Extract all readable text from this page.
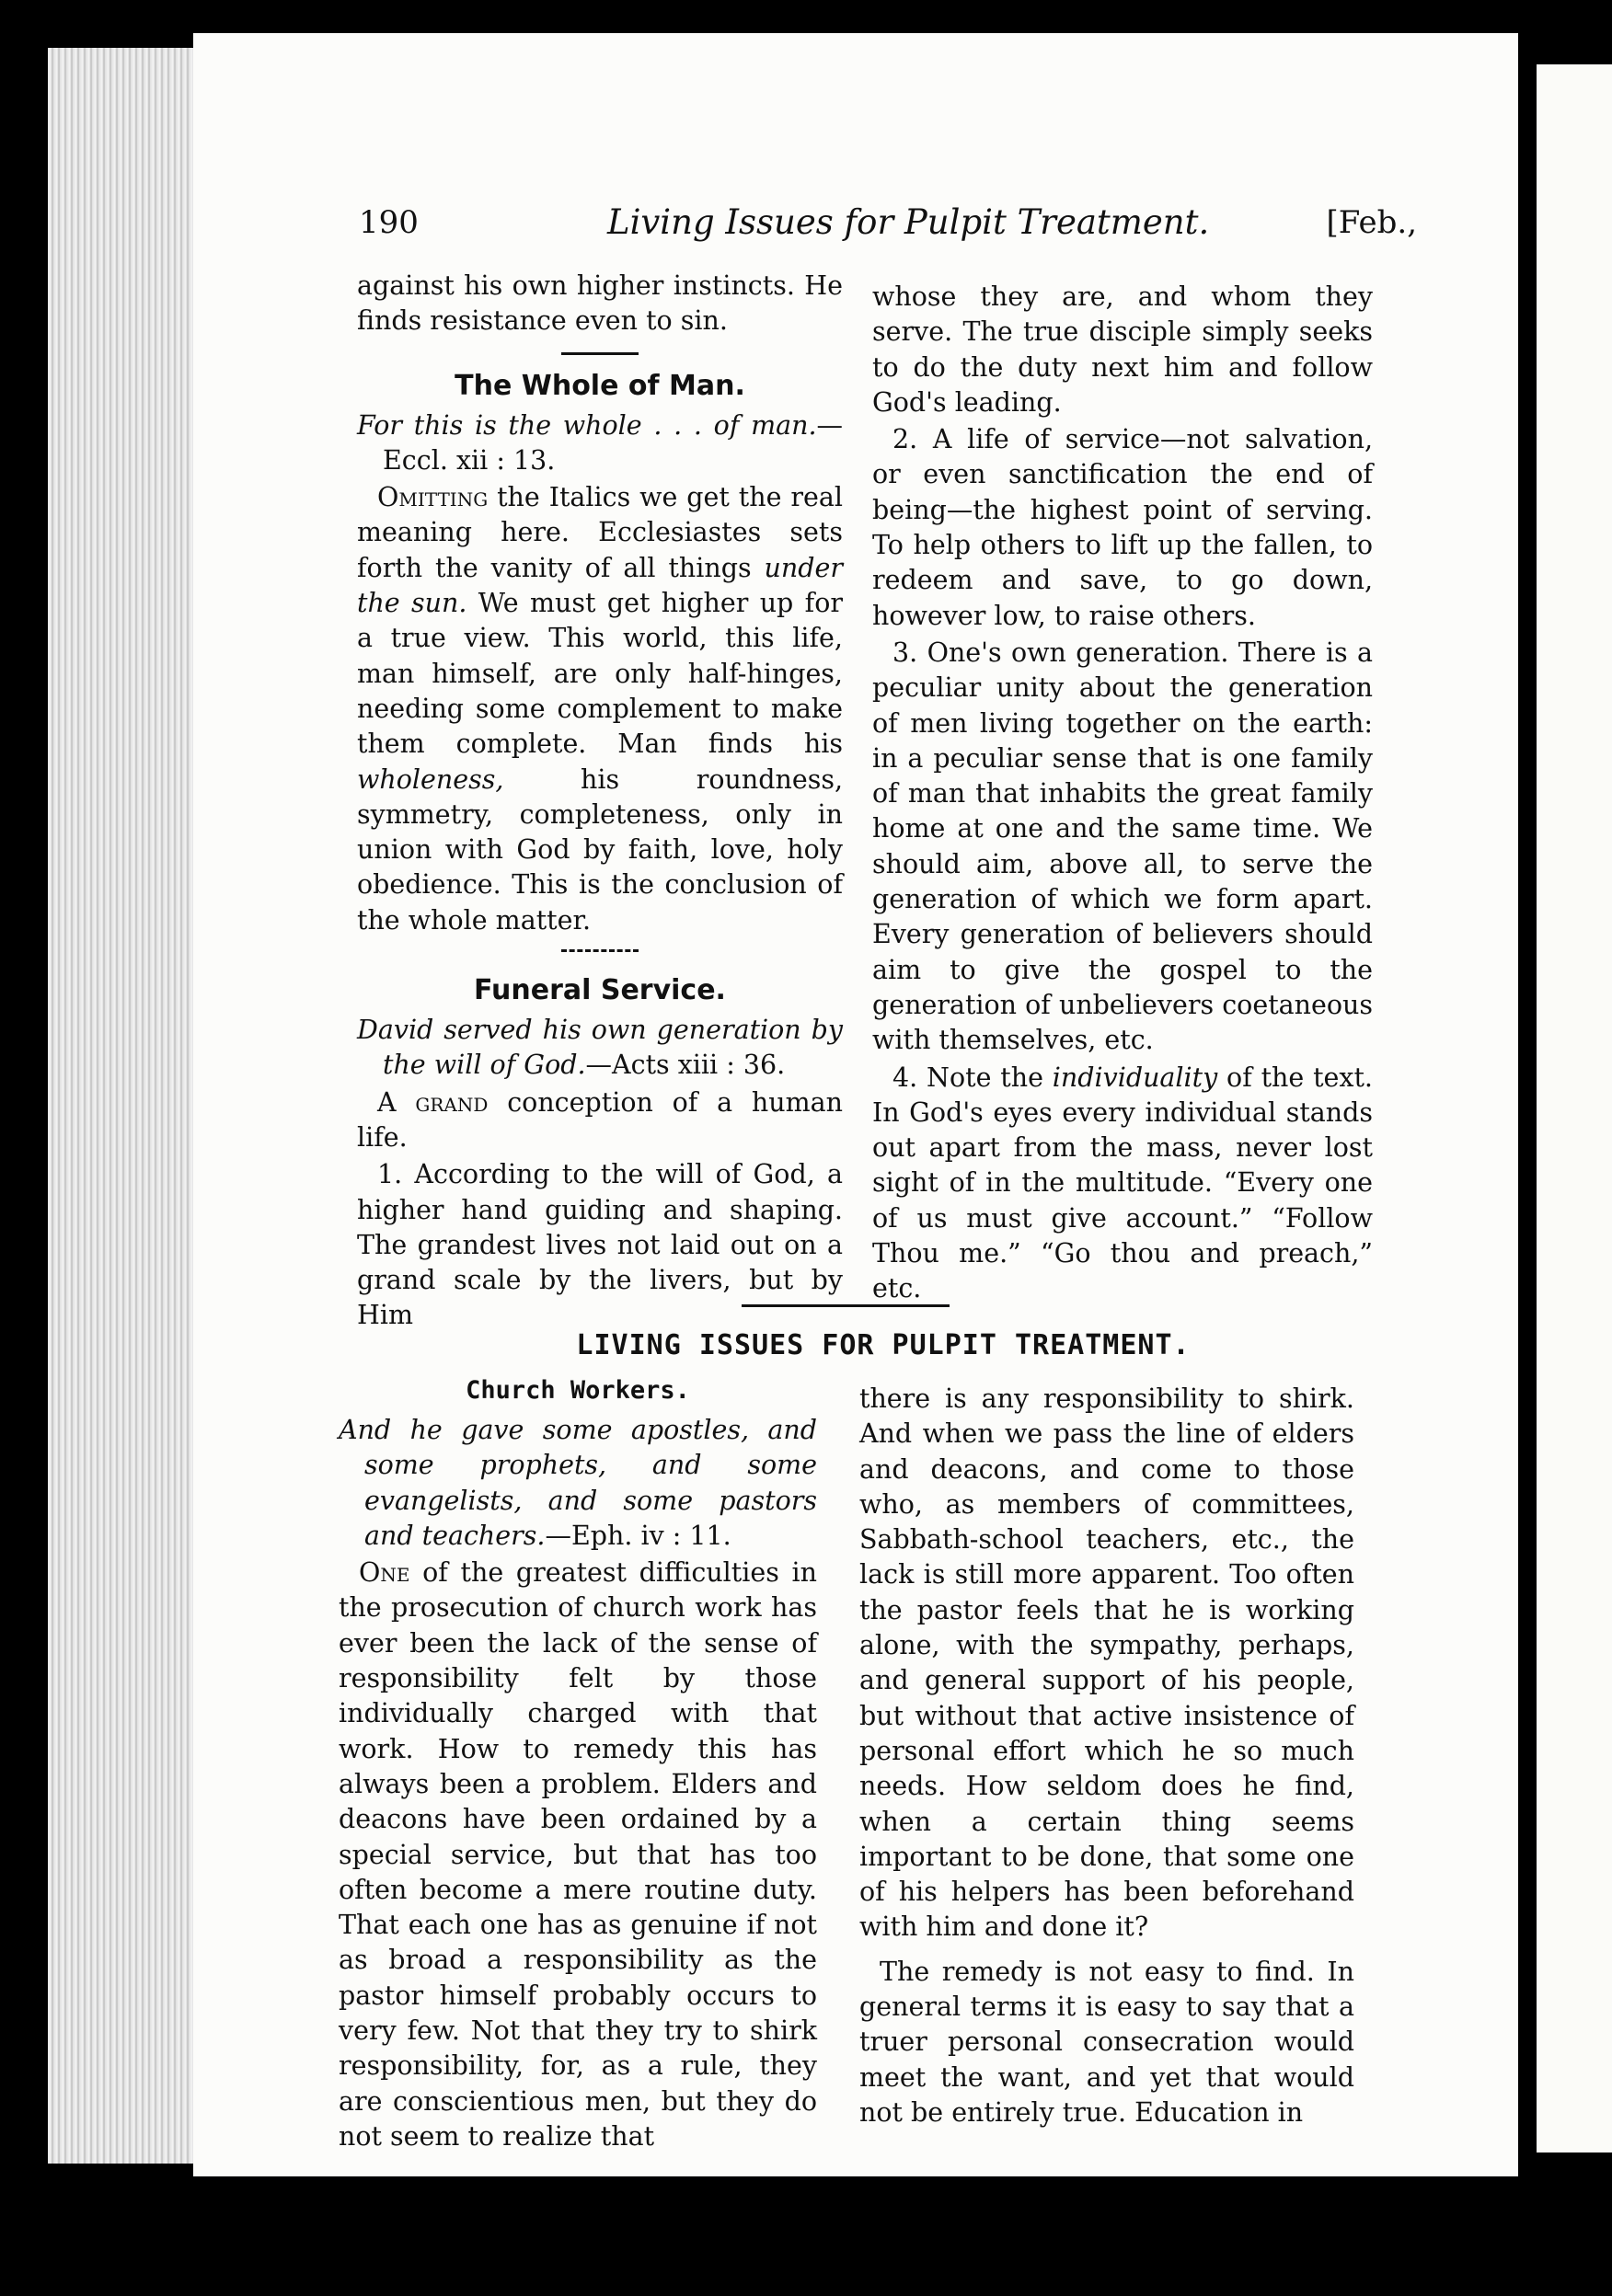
190	Living Issues for Pulpit Treatment.	[Feb.,

against his own higher instincts. He finds resistance even to sin.

The Whole of Man.

For this is the whole . . . of man.—Eccl. xii : 13.

Omitting the Italics we get the real meaning here. Ecclesiastes sets forth the vanity of all things under the sun. We must get higher up for a true view. This world, this life, man himself, are only half-hinges, needing some complement to make them complete. Man finds his wholeness, his roundness, symmetry, completeness, only in union with God by faith, love, holy obedience. This is the conclusion of the whole matter.

Funeral Service.

David served his own generation by the will of God.—Acts xiii : 36.

A grand conception of a human life.

1. According to the will of God, a higher hand guiding and shaping. The grandest lives not laid out on a grand scale by the livers, but by Him

whose they are, and whom they serve. The true disciple simply seeks to do the duty next him and follow God's leading.

2. A life of service—not salvation, or even sanctification the end of being—the highest point of serving. To help others to lift up the fallen, to redeem and save, to go down, however low, to raise others.

3. One's own generation. There is a peculiar unity about the generation of men living together on the earth: in a peculiar sense that is one family of man that inhabits the great family home at one and the same time. We should aim, above all, to serve the generation of which we form apart. Every generation of believers should aim to give the gospel to the generation of unbelievers coetaneous with themselves, etc.

4. Note the individuality of the text. In God's eyes every individual stands out apart from the mass, never lost sight of in the multitude. “Every one of us must give account.” “Follow Thou me.” “Go thou and preach,” etc.

LIVING ISSUES FOR PULPIT TREATMENT.

Church Workers.

And he gave some apostles, and some prophets, and some evangelists, and some pastors and teachers.—Eph. iv : 11.

One of the greatest difficulties in the prosecution of church work has ever been the lack of the sense of responsibility felt by those individually charged with that work. How to remedy this has always been a problem. Elders and deacons have been ordained by a special service, but that has too often become a mere routine duty. That each one has as genuine if not as broad a responsibility as the pastor himself probably occurs to very few. Not that they try to shirk responsibility, for, as a rule, they are conscientious men, but they do not seem to realize that

there is any responsibility to shirk. And when we pass the line of elders and deacons, and come to those who, as members of committees, Sabbath-school teachers, etc., the lack is still more apparent. Too often the pastor feels that he is working alone, with the sympathy, perhaps, and general support of his people, but without that active insistence of personal effort which he so much needs. How seldom does he find, when a certain thing seems important to be done, that some one of his helpers has been beforehand with him and done it?

The remedy is not easy to find. In general terms it is easy to say that a truer personal consecration would meet the want, and yet that would not be entirely true. Education in
